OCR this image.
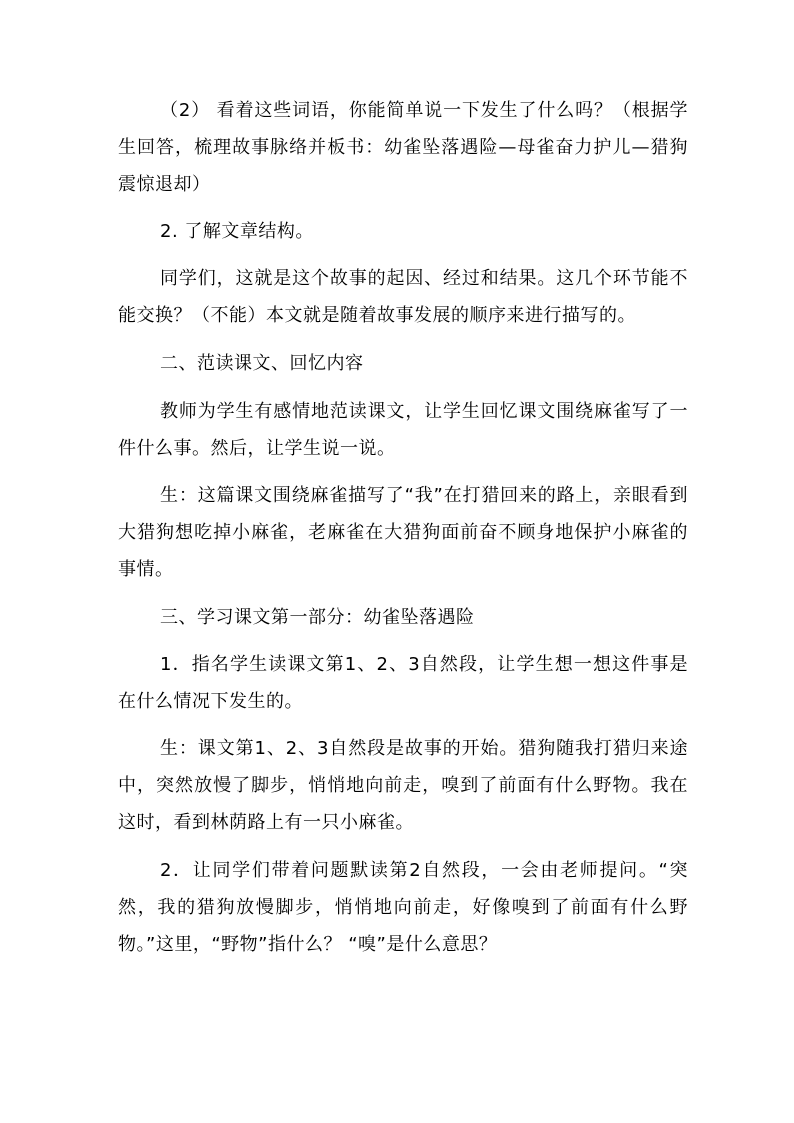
（2） 看着这些词语，你能简单说一下发生了什么吗？（根据学生回答，梳理故事脉络并板书：幼雀坠落遇险—母雀奋力护儿—猎狗震惊退却）

2. 了解文章结构。

同学们，这就是这个故事的起因、经过和结果。这几个环节能不能交换？（不能）本文就是随着故事发展的顺序来进行描写的。

二、范读课文、回忆内容

教师为学生有感情地范读课文，让学生回忆课文围绕麻雀写了一件什么事。然后，让学生说一说。

生：这篇课文围绕麻雀描写了“我”在打猎回来的路上，亲眼看到大猎狗想吃掉小麻雀，老麻雀在大猎狗面前奋不顾身地保护小麻雀的事情。

三、学习课文第一部分：幼雀坠落遇险

1．指名学生读课文第1、2、3自然段，让学生想一想这件事是在什么情况下发生的。

生：课文第1、2、3自然段是故事的开始。猎狗随我打猎归来途中，突然放慢了脚步，悄悄地向前走，嗅到了前面有什么野物。我在这时，看到林荫路上有一只小麻雀。

2．让同学们带着问题默读第2自然段，一会由老师提问。“突然，我的猎狗放慢脚步，悄悄地向前走，好像嗅到了前面有什么野物。”这里，“野物”指什么？ “嗅”是什么意思？
